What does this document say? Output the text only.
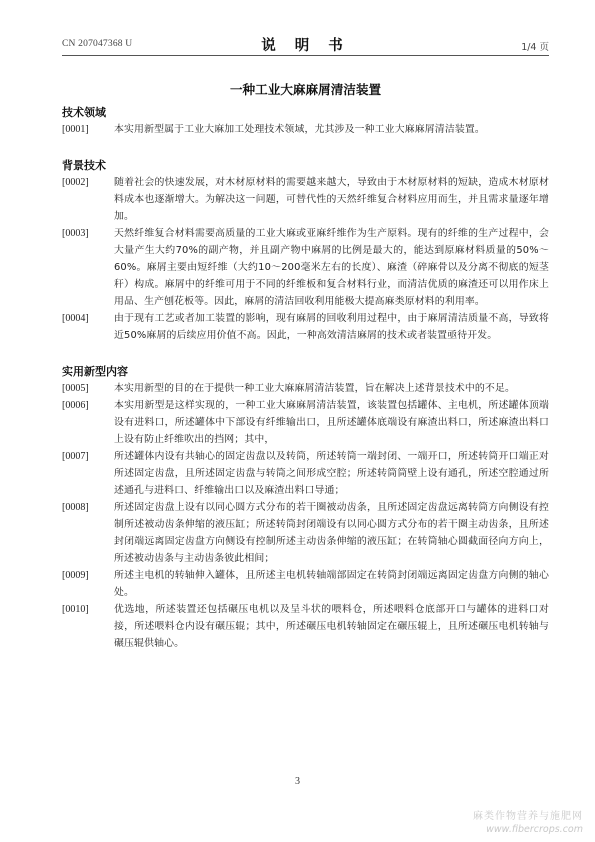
CN 207047368 U	说 明 书	1/4 页
一种工业大麻麻屑清洁装置
技术领域
[0001]	本实用新型属于工业大麻加工处理技术领域，尤其涉及一种工业大麻麻屑清洁装置。
背景技术
[0002]	随着社会的快速发展，对木材原材料的需要越来越大，导致由于木材原材料的短缺，造成木材原材料成本也逐渐增大。为解决这一问题，可替代性的天然纤维复合材料应用而生，并且需求量逐年增加。
[0003]	天然纤维复合材料需要高质量的工业大麻或亚麻纤维作为生产原料。现有的纤维的生产过程中，会大量产生大约70%的副产物，并且副产物中麻屑的比例是最大的，能达到原麻材料质量的50%～60%。麻屑主要由短纤维（大约10～200毫米左右的长度）、麻渣（碎麻骨以及分离不彻底的短茎秆）构成。麻屑中的纤维可用于不同的纤维板和复合材料行业，而清洁优质的麻渣还可以用作床上用品、生产刨花板等。因此，麻屑的清洁回收利用能极大提高麻类原材料的利用率。
[0004]	由于现有工艺或者加工装置的影响，现有麻屑的回收利用过程中，由于麻屑清洁质量不高，导致将近50%麻屑的后续应用价值不高。因此，一种高效清洁麻屑的技术或者装置亟待开发。
实用新型内容
[0005]	本实用新型的目的在于提供一种工业大麻麻屑清洁装置，旨在解决上述背景技术中的不足。
[0006]	本实用新型是这样实现的，一种工业大麻麻屑清洁装置，该装置包括罐体、主电机，所述罐体顶端设有进料口，所述罐体中下部设有纤维输出口，且所述罐体底端设有麻渣出料口，所述麻渣出料口上设有防止纤维吹出的挡网；其中，
[0007]	所述罐体内设有共轴心的固定齿盘以及转筒，所述转筒一端封闭、一端开口，所述转筒开口端正对所述固定齿盘，且所述固定齿盘与转筒之间形成空腔；所述转筒筒壁上设有通孔，所述空腔通过所述通孔与进料口、纤维输出口以及麻渣出料口导通；
[0008]	所述固定齿盘上设有以同心圆方式分布的若干圈被动齿条，且所述固定齿盘远离转筒方向侧设有控制所述被动齿条伸缩的液压缸；所述转筒封闭端设有以同心圆方式分布的若干圈主动齿条，且所述封闭端远离固定齿盘方向侧设有控制所述主动齿条伸缩的液压缸；在转筒轴心圆截面径向方向上，所述被动齿条与主动齿条彼此相间；
[0009]	所述主电机的转轴伸入罐体，且所述主电机转轴端部固定在转筒封闭端远离固定齿盘方向侧的轴心处。
[0010]	优选地，所述装置还包括碾压电机以及呈斗状的喂料仓，所述喂料仓底部开口与罐体的进料口对接，所述喂料仓内设有碾压辊；其中，所述碾压电机转轴固定在碾压辊上，且所述碾压电机转轴与碾压辊供轴心。
3
麻类作物营养与施肥网
www.fibercrops.com
